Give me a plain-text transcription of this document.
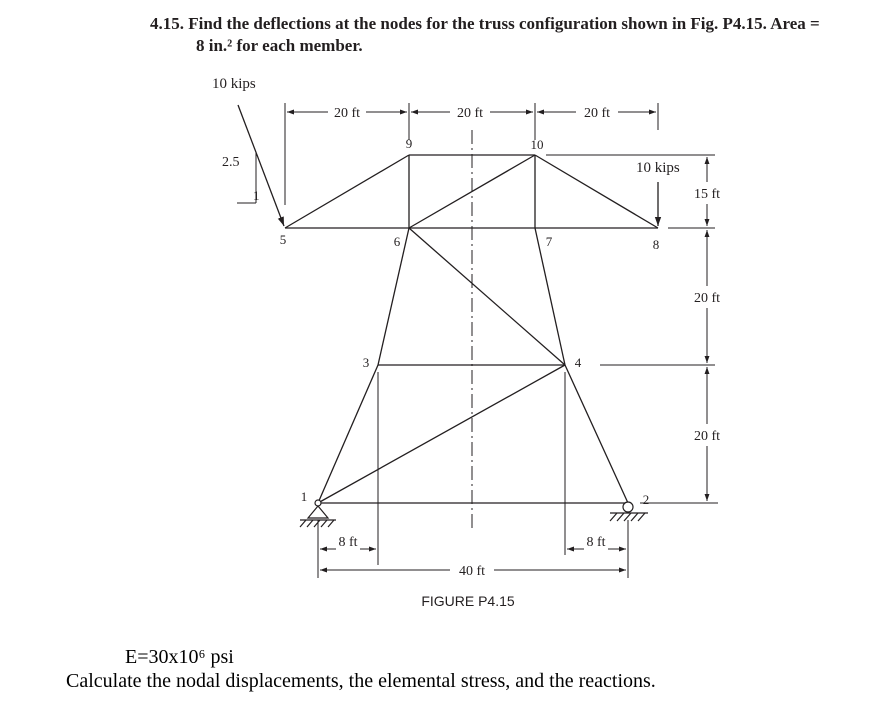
4.15. Find the deflections at the nodes for the truss configuration shown in Fig. P4.15. Area =
8 in.² for each member.
20 ft	20 ft	20 ft
15 ft
20 ft
20 ft
8 ft	8 ft
40 ft
10 kips
2.5
1
10 kips
1	2
3	4
5	6	7	8
9	10
FIGURE P4.15
E=30x10⁶ psi
Calculate the nodal displacements, the elemental stress, and the reactions.
